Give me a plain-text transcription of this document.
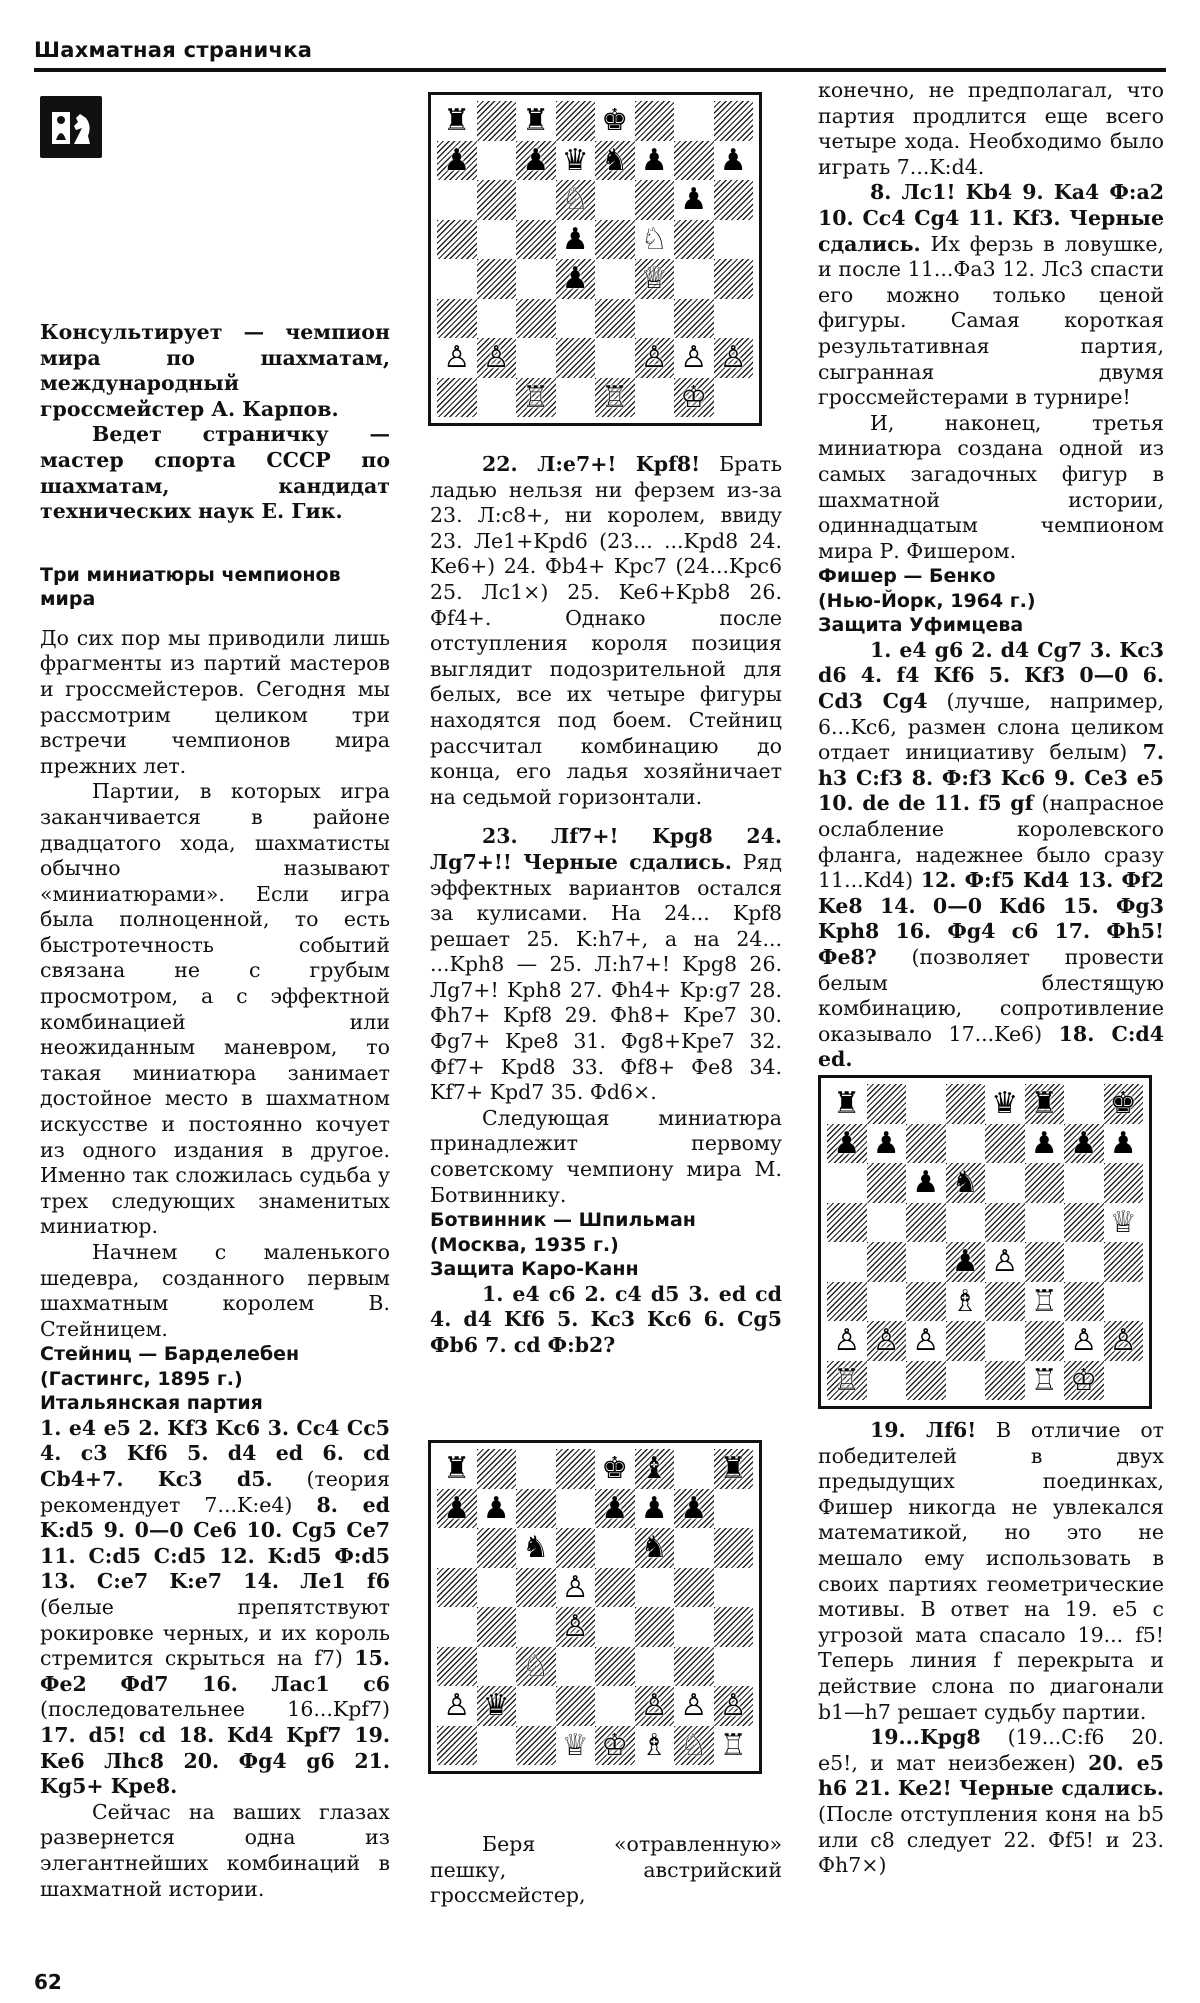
Шахматная страничка

Консультирует — чемпион мира по шахматам, международный гроссмейстер А. Карпов.

Ведет страничку — мастер спорта СССР по шахматам, кандидат технических наук Е. Гик.

Три миниатюры чемпионов мира

До сих пор мы приводили лишь фрагменты из партий мастеров и гроссмейстеров. Сегодня мы рассмотрим целиком три встречи чемпионов мира прежних лет.

Партии, в которых игра заканчивается в районе двадцатого хода, шахматисты обычно называют «миниатюрами». Если игра была полноценной, то есть быстротечность событий связана не с грубым просмотром, а с эффектной комбинацией или неожиданным маневром, то такая миниатюра занимает достойное место в шахматном искусстве и постоянно кочует из одного издания в другое. Именно так сложилась судьба у трех следующих знаменитых миниатюр.

Начнем с маленького шедевра, созданного первым шахматным королем В. Стейницем.

Стейниц — Барделебен

(Гастингс, 1895 г.)

Итальянская партия

1. e4 e5 2. Kf3 Kc6 3. Cc4 Cc5 4. c3 Kf6 5. d4 ed 6. cd Cb4+7. Kc3 d5. (теория рекомендует 7...K:e4) 8. ed K:d5 9. 0—0 Ce6 10. Cg5 Ce7 11. C:d5 C:d5 12. K:d5 Ф:d5 13. C:e7 K:e7 14. Лe1 f6 (белые препятствуют рокировке черных, и их король стремится скрыться на f7) 15. Фe2 Фd7 16. Лac1 c6 (последовательнее 16...Kpf7) 17. d5! cd 18. Kd4 Kpf7 19. Ke6 Лhc8 20. Фg4 g6 21. Kg5+ Kpe8.

Сейчас на ваших глазах развернется одна из элегантнейших комбинаций в шахматной истории.

♜ ♜ ♚
♟ ♟ ♛ ♞ ♟ ♟
♘	♟
♟ ♘
♟ ♕
♙ ♙	♙ ♙ ♙
♖ ♖ ♔

22. Л:e7+! Kpf8! Брать ладью нельзя ни ферзем из-за 23. Л:c8+, ни королем, ввиду 23. Лe1+Kpd6 (23... ...Kpd8 24. Ke6+) 24. Фb4+ Kpc7 (24...Kpc6 25. Лc1×) 25. Ke6+Kpb8 26. Фf4+. Однако после отступления короля позиция выглядит подозрительной для белых, все их четыре фигуры находятся под боем. Стейниц рассчитал комбинацию до конца, его ладья хозяйничает на седьмой горизонтали.

23. Лf7+! Kpg8 24. Лg7+!! Черные сдались. Ряд эффектных вариантов остался за кулисами. На 24... Kpf8 решает 25. K:h7+, а на 24... ...Kph8 — 25. Л:h7+! Kpg8 26. Лg7+! Kph8 27. Фh4+ Kp:g7 28. Фh7+ Kpf8 29. Фh8+ Kpe7 30. Фg7+ Kpe8 31. Фg8+Kpe7 32. Фf7+ Kpd8 33. Фf8+ Фe8 34. Kf7+ Kpd7 35. Фd6×.

Следующая миниатюра принадлежит первому советскому чемпиону мира М. Ботвиннику.

Ботвинник — Шпильман

(Москва, 1935 г.)

Защита Каро-Канн

1. e4 c6 2. c4 d5 3. ed cd 4. d4 Kf6 5. Kc3 Kc6 6. Cg5 Фb6 7. cd Ф:b2?

♜	♚ ♝ ♜
♟ ♟	♟ ♟ ♟
♞	♞
♙
♙
♘
♙ ♛	♙ ♙ ♙
♕ ♔ ♗ ♘ ♖

Беря «отравленную» пешку, австрийский гроссмейстер,

конечно, не предполагал, что партия продлится еще всего четыре хода. Необходимо было играть 7...K:d4.

8. Лc1! Kb4 9. Ka4 Ф:a2 10. Cc4 Cg4 11. Kf3. Черные сдались. Их ферзь в ловушке, и после 11...Фa3 12. Лc3 спасти его можно только ценой фигуры. Самая короткая результативная партия, сыгранная двумя гроссмейстерами в турнире!

И, наконец, третья миниатюра создана одной из самых загадочных фигур в шахматной истории, одиннадцатым чемпионом мира Р. Фишером.

Фишер — Бенко

(Нью-Йорк, 1964 г.)

Защита Уфимцева

1. e4 g6 2. d4 Cg7 3. Kc3 d6 4. f4 Kf6 5. Kf3 0—0 6. Cd3 Cg4 (лучше, например, 6...Kc6, размен слона целиком отдает инициативу белым) 7. h3 C:f3 8. Ф:f3 Kc6 9. Ce3 e5 10. de de 11. f5 gf (напрасное ослабление королевского фланга, надежнее было сразу 11...Kd4) 12. Ф:f5 Kd4 13. Фf2 Ke8 14. 0—0 Kd6 15. Фg3 Kph8 16. Фg4 c6 17. Фh5! Фe8? (позволяет провести белым блестящую комбинацию, сопротивление оказывало 17...Ke6) 18. C:d4 ed.

♜	♛ ♜ ♚
♟ ♟	♟ ♟ ♟
♟ ♞
♕
♟ ♙
♗ ♖
♙ ♙ ♙	♙ ♙
♖	♖ ♔

19. Лf6! В отличие от победителей в двух предыдущих поединках, Фишер никогда не увлекался математикой, но это не мешало ему использовать в своих партиях геометрические мотивы. В ответ на 19. e5 с угрозой мата спасало 19... f5! Теперь линия f перекрыта и действие слона по диагонали b1—h7 решает судьбу партии.

19...Kpg8 (19...C:f6 20. e5!, и мат неизбежен) 20. e5 h6 21. Ke2! Черные сдались. (После отступления коня на b5 или c8 следует 22. Фf5! и 23. Фh7×)

62
